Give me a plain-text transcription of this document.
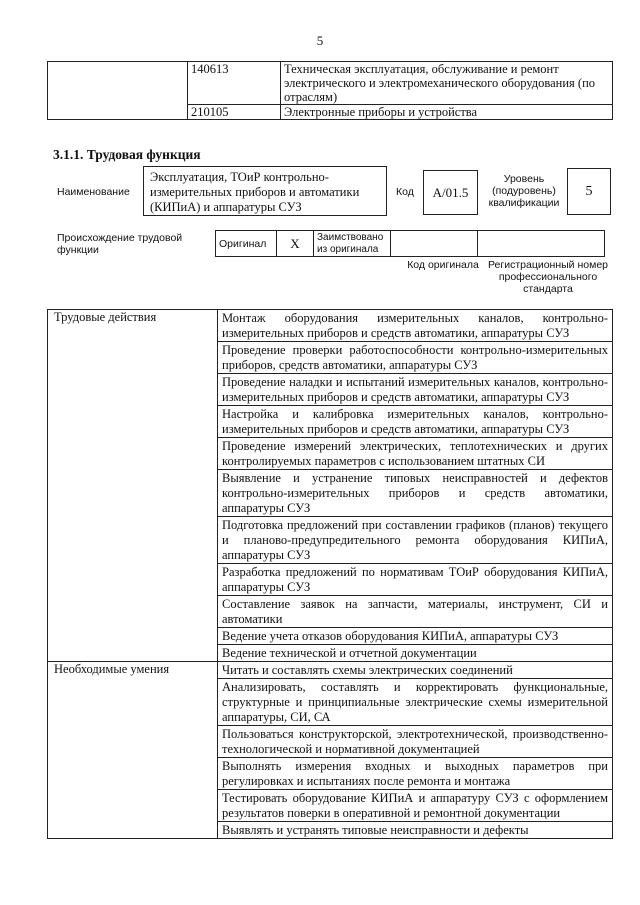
5
	140613	Техническая эксплуатация, обслуживание и ремонт электрического и электромеханического оборудования (по отраслям)
	210105	Электронные приборы и устройства
3.1.1. Трудовая функция
Наименование
Эксплуатация, ТОиР контрольно-измерительных приборов и автоматики (КИПиА) и аппаратуры СУЗ
Код	А/01.5
Уровень (подуровень) квалификации
5
Происхождение трудовой функции
Оригинал	X	Заимствовано из оригинала		
Код оригинала Регистрационный номер профессионального стандарта
Трудовые действия	Монтаж оборудования измерительных каналов, контрольно-измерительных приборов и средств автоматики, аппаратуры СУЗ
	Проведение проверки работоспособности контрольно-измерительных приборов, средств автоматики, аппаратуры СУЗ
	Проведение наладки и испытаний измерительных каналов, контрольно-измерительных приборов и средств автоматики, аппаратуры СУЗ
	Настройка и калибровка измерительных каналов, контрольно-измерительных приборов и средств автоматики, аппаратуры СУЗ
	Проведение измерений электрических, теплотехнических и других контролируемых параметров с использованием штатных СИ
	Выявление и устранение типовых неисправностей и дефектов контрольно-измерительных приборов и средств автоматики, аппаратуры СУЗ
	Подготовка предложений при составлении графиков (планов) текущего и планово-предупредительного ремонта оборудования КИПиА, аппаратуры СУЗ
	Разработка предложений по нормативам ТОиР оборудования КИПиА, аппаратуры СУЗ
	Составление заявок на запчасти, материалы, инструмент, СИ и автоматики
	Ведение учета отказов оборудования КИПиА, аппаратуры СУЗ
	Ведение технической и отчетной документации
Необходимые умения	Читать и составлять схемы электрических соединений
	Анализировать, составлять и корректировать функциональные, структурные и принципиальные электрические схемы измерительной аппаратуры, СИ, СА
	Пользоваться конструкторской, электротехнической, производственно-технологической и нормативной документацией
	Выполнять измерения входных и выходных параметров при регулировках и испытаниях после ремонта и монтажа
	Тестировать оборудование КИПиА и аппаратуру СУЗ с оформлением результатов поверки в оперативной и ремонтной документации
	Выявлять и устранять типовые неисправности и дефекты
